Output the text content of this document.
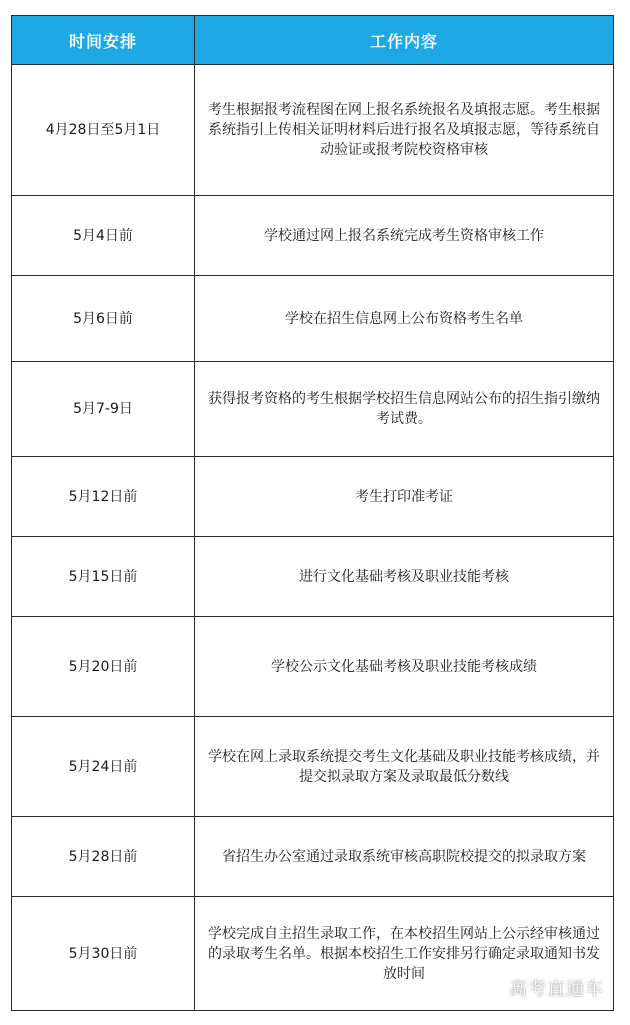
时间安排	工作内容
4月28日至5月1日	考生根据报考流程图在网上报名系统报名及填报志愿。考生根据系统指引上传相关证明材料后进行报名及填报志愿，等待系统自动验证或报考院校资格审核
5月4日前	学校通过网上报名系统完成考生资格审核工作
5月6日前	学校在招生信息网上公布资格考生名单
5月7-9日	获得报考资格的考生根据学校招生信息网站公布的招生指引缴纳考试费。
5月12日前	考生打印准考证
5月15日前	进行文化基础考核及职业技能考核
5月20日前	学校公示文化基础考核及职业技能考核成绩
5月24日前	学校在网上录取系统提交考生文化基础及职业技能考核成绩，并提交拟录取方案及录取最低分数线
5月28日前	省招生办公室通过录取系统审核高职院校提交的拟录取方案
5月30日前	学校完成自主招生录取工作，在本校招生网站上公示经审核通过的录取考生名单。根据本校招生工作安排另行确定录取通知书发放时间
高考直通车
